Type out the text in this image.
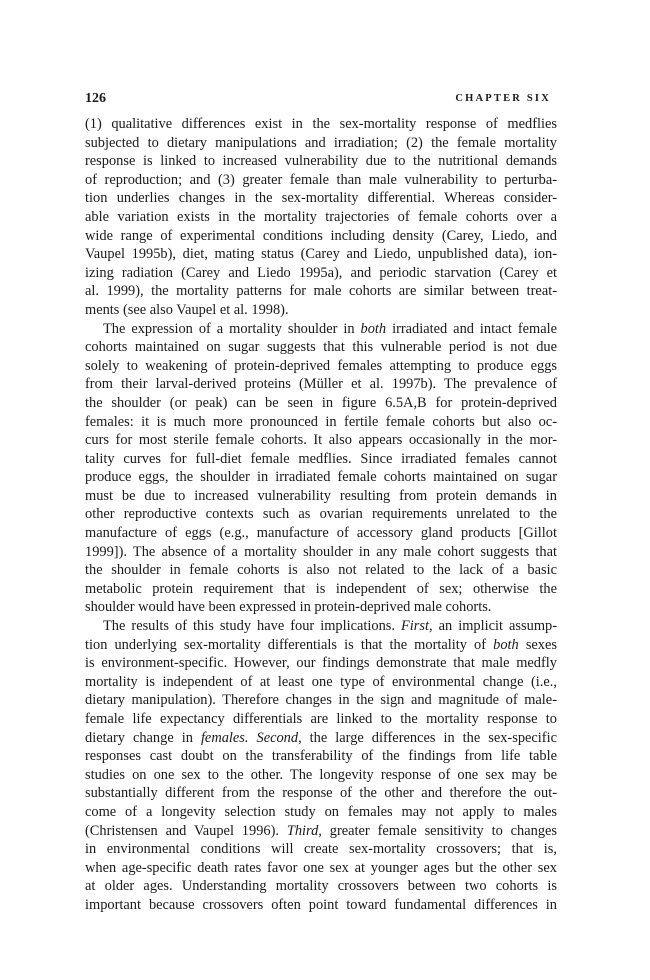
126	CHAPTER SIX
(1) qualitative differences exist in the sex-mortality response of medflies
subjected to dietary manipulations and irradiation; (2) the female mortality
response is linked to increased vulnerability due to the nutritional demands
of reproduction; and (3) greater female than male vulnerability to perturba-
tion underlies changes in the sex-mortality differential. Whereas consider-
able variation exists in the mortality trajectories of female cohorts over a
wide range of experimental conditions including density (Carey, Liedo, and
Vaupel 1995b), diet, mating status (Carey and Liedo, unpublished data), ion-
izing radiation (Carey and Liedo 1995a), and periodic starvation (Carey et
al. 1999), the mortality patterns for male cohorts are similar between treat-
ments (see also Vaupel et al. 1998).
The expression of a mortality shoulder in both irradiated and intact female
cohorts maintained on sugar suggests that this vulnerable period is not due
solely to weakening of protein-deprived females attempting to produce eggs
from their larval-derived proteins (Müller et al. 1997b). The prevalence of
the shoulder (or peak) can be seen in figure 6.5A,B for protein-deprived
females: it is much more pronounced in fertile female cohorts but also oc-
curs for most sterile female cohorts. It also appears occasionally in the mor-
tality curves for full-diet female medflies. Since irradiated females cannot
produce eggs, the shoulder in irradiated female cohorts maintained on sugar
must be due to increased vulnerability resulting from protein demands in
other reproductive contexts such as ovarian requirements unrelated to the
manufacture of eggs (e.g., manufacture of accessory gland products [Gillot
1999]). The absence of a mortality shoulder in any male cohort suggests that
the shoulder in female cohorts is also not related to the lack of a basic
metabolic protein requirement that is independent of sex; otherwise the
shoulder would have been expressed in protein-deprived male cohorts.
The results of this study have four implications. First, an implicit assump-
tion underlying sex-mortality differentials is that the mortality of both sexes
is environment-specific. However, our findings demonstrate that male medfly
mortality is independent of at least one type of environmental change (i.e.,
dietary manipulation). Therefore changes in the sign and magnitude of male-
female life expectancy differentials are linked to the mortality response to
dietary change in females. Second, the large differences in the sex-specific
responses cast doubt on the transferability of the findings from life table
studies on one sex to the other. The longevity response of one sex may be
substantially different from the response of the other and therefore the out-
come of a longevity selection study on females may not apply to males
(Christensen and Vaupel 1996). Third, greater female sensitivity to changes
in environmental conditions will create sex-mortality crossovers; that is,
when age-specific death rates favor one sex at younger ages but the other sex
at older ages. Understanding mortality crossovers between two cohorts is
important because crossovers often point toward fundamental differences in
